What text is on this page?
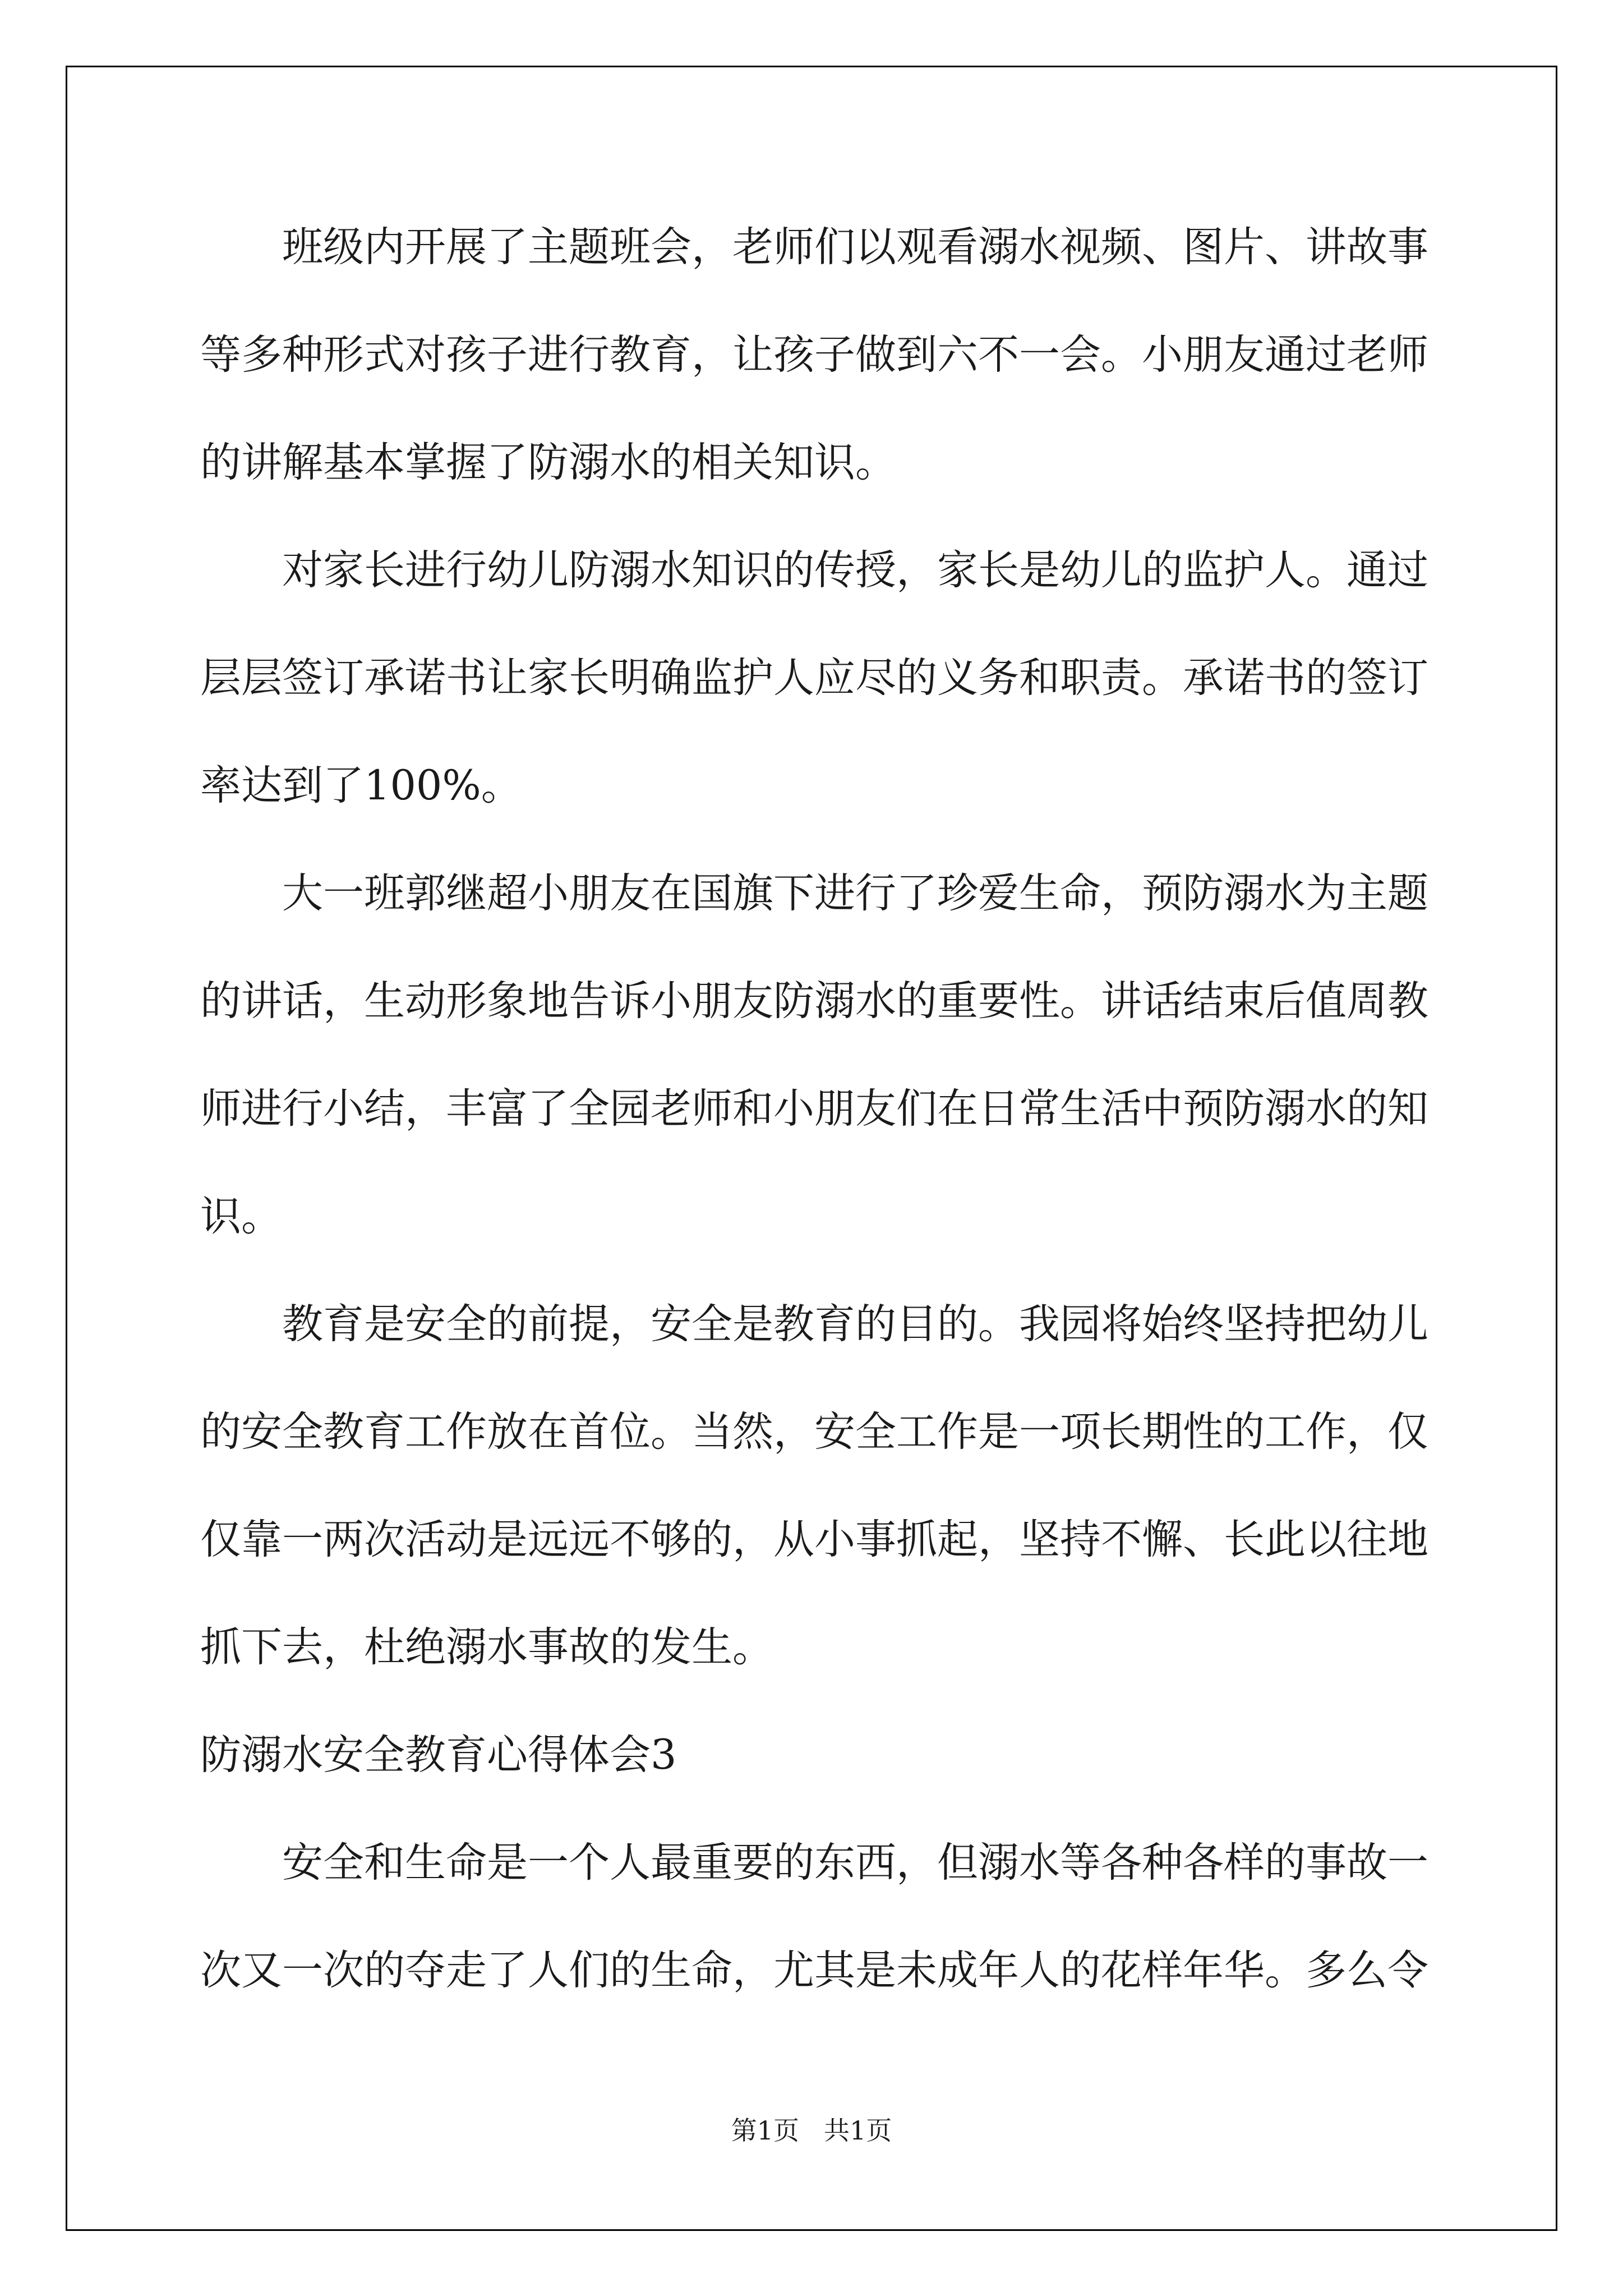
班级内开展了主题班会，老师们以观看溺水视频、图片、讲故事等多种形式对孩子进行教育，让孩子做到六不一会。小朋友通过老师的讲解基本掌握了防溺水的相关知识。

对家长进行幼儿防溺水知识的传授，家长是幼儿的监护人。通过层层签订承诺书让家长明确监护人应尽的义务和职责。承诺书的签订率达到了100%。

大一班郭继超小朋友在国旗下进行了珍爱生命，预防溺水为主题的讲话，生动形象地告诉小朋友防溺水的重要性。讲话结束后值周教师进行小结，丰富了全园老师和小朋友们在日常生活中预防溺水的知识。

教育是安全的前提，安全是教育的目的。我园将始终坚持把幼儿的安全教育工作放在首位。当然，安全工作是一项长期性的工作，仅仅靠一两次活动是远远不够的，从小事抓起，坚持不懈、长此以往地抓下去，杜绝溺水事故的发生。

防溺水安全教育心得体会3

安全和生命是一个人最重要的东西，但溺水等各种各样的事故一次又一次的夺走了人们的生命，尤其是未成年人的花样年华。多么令

第1页 共1页
